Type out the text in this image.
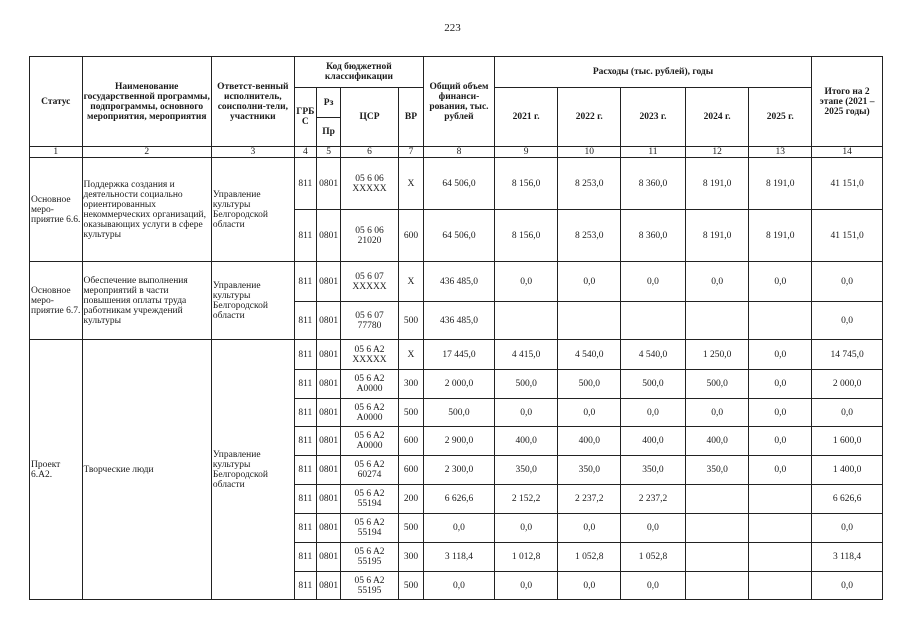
223
Статус	Наименование государственной программы, подпрограммы, основного мероприятия, мероприятия	Ответст-венный исполнитель, соисполни-тели, участники	Код бюджетной классификации				Общий объем финанси-рования, тыс. рублей	Расходы (тыс. рублей), годы					Итого на 2 этапе (2021 – 2025 годы)
			ГРБ С	Рз	ЦСР	ВР		2021 г.	2022 г.	2023 г.	2024 г.	2025 г.	
				Пр									
1	2	3	4	5	6	7	8	9	10	11	12	13	14
Основное меро-приятие 6.6.	Поддержка создания и деятельности социально ориентированных некоммерческих организаций, оказывающих услуги в сфере культуры	Управление культуры Белгородской области	811	0801	05 6 06 XXXXX	X	64 506,0	8 156,0	8 253,0	8 360,0	8 191,0	8 191,0	41 151,0
			811	0801	05 6 06 21020	600	64 506,0	8 156,0	8 253,0	8 360,0	8 191,0	8 191,0	41 151,0
Основное меро-приятие 6.7.	Обеспечение выполнения мероприятий в части повышения оплаты труда работникам учреждений культуры	Управление культуры Белгородской области	811	0801	05 6 07 XXXXX	X	436 485,0	0,0	0,0	0,0	0,0	0,0	0,0
			811	0801	05 6 07 77780	500	436 485,0						0,0
Проект 6.А2.	Творческие люди	Управление культуры Белгородской области	811	0801	05 6 A2 XXXXX	X	17 445,0	4 415,0	4 540,0	4 540,0	1 250,0	0,0	14 745,0
			811	0801	05 6 A2 A0000	300	2 000,0	500,0	500,0	500,0	500,0	0,0	2 000,0
			811	0801	05 6 A2 A0000	500	500,0	0,0	0,0	0,0	0,0	0,0	0,0
			811	0801	05 6 A2 A0000	600	2 900,0	400,0	400,0	400,0	400,0	0,0	1 600,0
			811	0801	05 6 A2 60274	600	2 300,0	350,0	350,0	350,0	350,0	0,0	1 400,0
			811	0801	05 6 A2 55194	200	6 626,6	2 152,2	2 237,2	2 237,2			6 626,6
			811	0801	05 6 A2 55194	500	0,0	0,0	0,0	0,0			0,0
			811	0801	05 6 A2 55195	300	3 118,4	1 012,8	1 052,8	1 052,8			3 118,4
			811	0801	05 6 A2 55195	500	0,0	0,0	0,0	0,0			0,0
